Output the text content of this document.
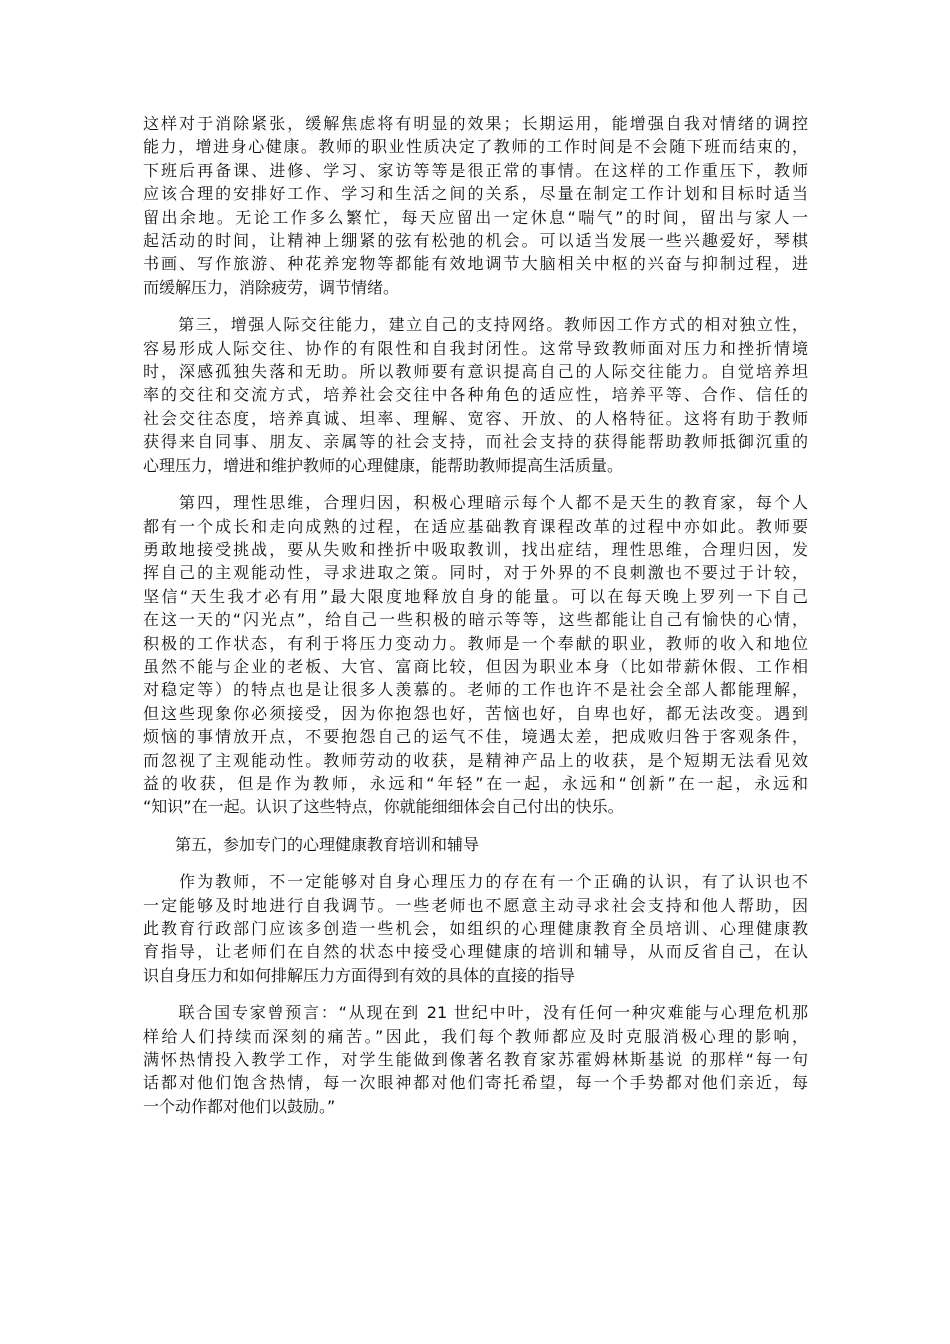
这样对于消除紧张，缓解焦虑将有明显的效果；长期运用，能增强自我对情绪的调控
能力，增进身心健康。教师的职业性质决定了教师的工作时间是不会随下班而结束的，
下班后再备课、进修、学习、家访等等是很正常的事情。在这样的工作重压下，教师
应该合理的安排好工作、学习和生活之间的关系，尽量在制定工作计划和目标时适当
留出余地。无论工作多么繁忙，每天应留出一定休息“喘气”的时间，留出与家人一
起活动的时间，让精神上绷紧的弦有松弛的机会。可以适当发展一些兴趣爱好，琴棋
书画、写作旅游、种花养宠物等都能有效地调节大脑相关中枢的兴奋与抑制过程，进
而缓解压力，消除疲劳，调节情绪。
　　第三，增强人际交往能力，建立自己的支持网络。教师因工作方式的相对独立性，
容易形成人际交往、协作的有限性和自我封闭性。这常导致教师面对压力和挫折情境
时，深感孤独失落和无助。所以教师要有意识提高自己的人际交往能力。自觉培养坦
率的交往和交流方式，培养社会交往中各种角色的适应性，培养平等、合作、信任的
社会交往态度，培养真诚、坦率、理解、宽容、开放、的人格特征。这将有助于教师
获得来自同事、朋友、亲属等的社会支持，而社会支持的获得能帮助教师抵御沉重的
心理压力，增进和维护教师的心理健康，能帮助教师提高生活质量。
　　第四，理性思维，合理归因，积极心理暗示每个人都不是天生的教育家，每个人
都有一个成长和走向成熟的过程，在适应基础教育课程改革的过程中亦如此。教师要
勇敢地接受挑战，要从失败和挫折中吸取教训，找出症结，理性思维，合理归因，发
挥自己的主观能动性，寻求进取之策。同时，对于外界的不良刺激也不要过于计较，
坚信“天生我才必有用”最大限度地释放自身的能量。可以在每天晚上罗列一下自己
在这一天的“闪光点”，给自己一些积极的暗示等等，这些都能让自己有愉快的心情，
积极的工作状态，有利于将压力变动力。教师是一个奉献的职业，教师的收入和地位
虽然不能与企业的老板、大官、富商比较，但因为职业本身（比如带薪休假、工作相
对稳定等）的特点也是让很多人羡慕的。老师的工作也许不是社会全部人都能理解，
但这些现象你必须接受，因为你抱怨也好，苦恼也好，自卑也好，都无法改变。遇到
烦恼的事情放开点，不要抱怨自己的运气不佳，境遇太差，把成败归咎于客观条件，
而忽视了主观能动性。教师劳动的收获，是精神产品上的收获，是个短期无法看见效
益的收获，但是作为教师，永远和“年轻”在一起，永远和“创新”在一起，永远和
“知识”在一起。认识了这些特点，你就能细细体会自己付出的快乐。
　　第五，参加专门的心理健康教育培训和辅导
　　作为教师，不一定能够对自身心理压力的存在有一个正确的认识，有了认识也不
一定能够及时地进行自我调节。一些老师也不愿意主动寻求社会支持和他人帮助，因
此教育行政部门应该多创造一些机会，如组织的心理健康教育全员培训、心理健康教
育指导，让老师们在自然的状态中接受心理健康的培训和辅导，从而反省自己，在认
识自身压力和如何排解压力方面得到有效的具体的直接的指导
　　联合国专家曾预言：“从现在到 21 世纪中叶，没有任何一种灾难能与心理危机那
样给人们持续而深刻的痛苦。”因此，我们每个教师都应及时克服消极心理的影响，
满怀热情投入教学工作，对学生能做到像著名教育家苏霍姆林斯基说 的那样“每一句
话都对他们饱含热情，每一次眼神都对他们寄托希望，每一个手势都对他们亲近，每
一个动作都对他们以鼓励。”
